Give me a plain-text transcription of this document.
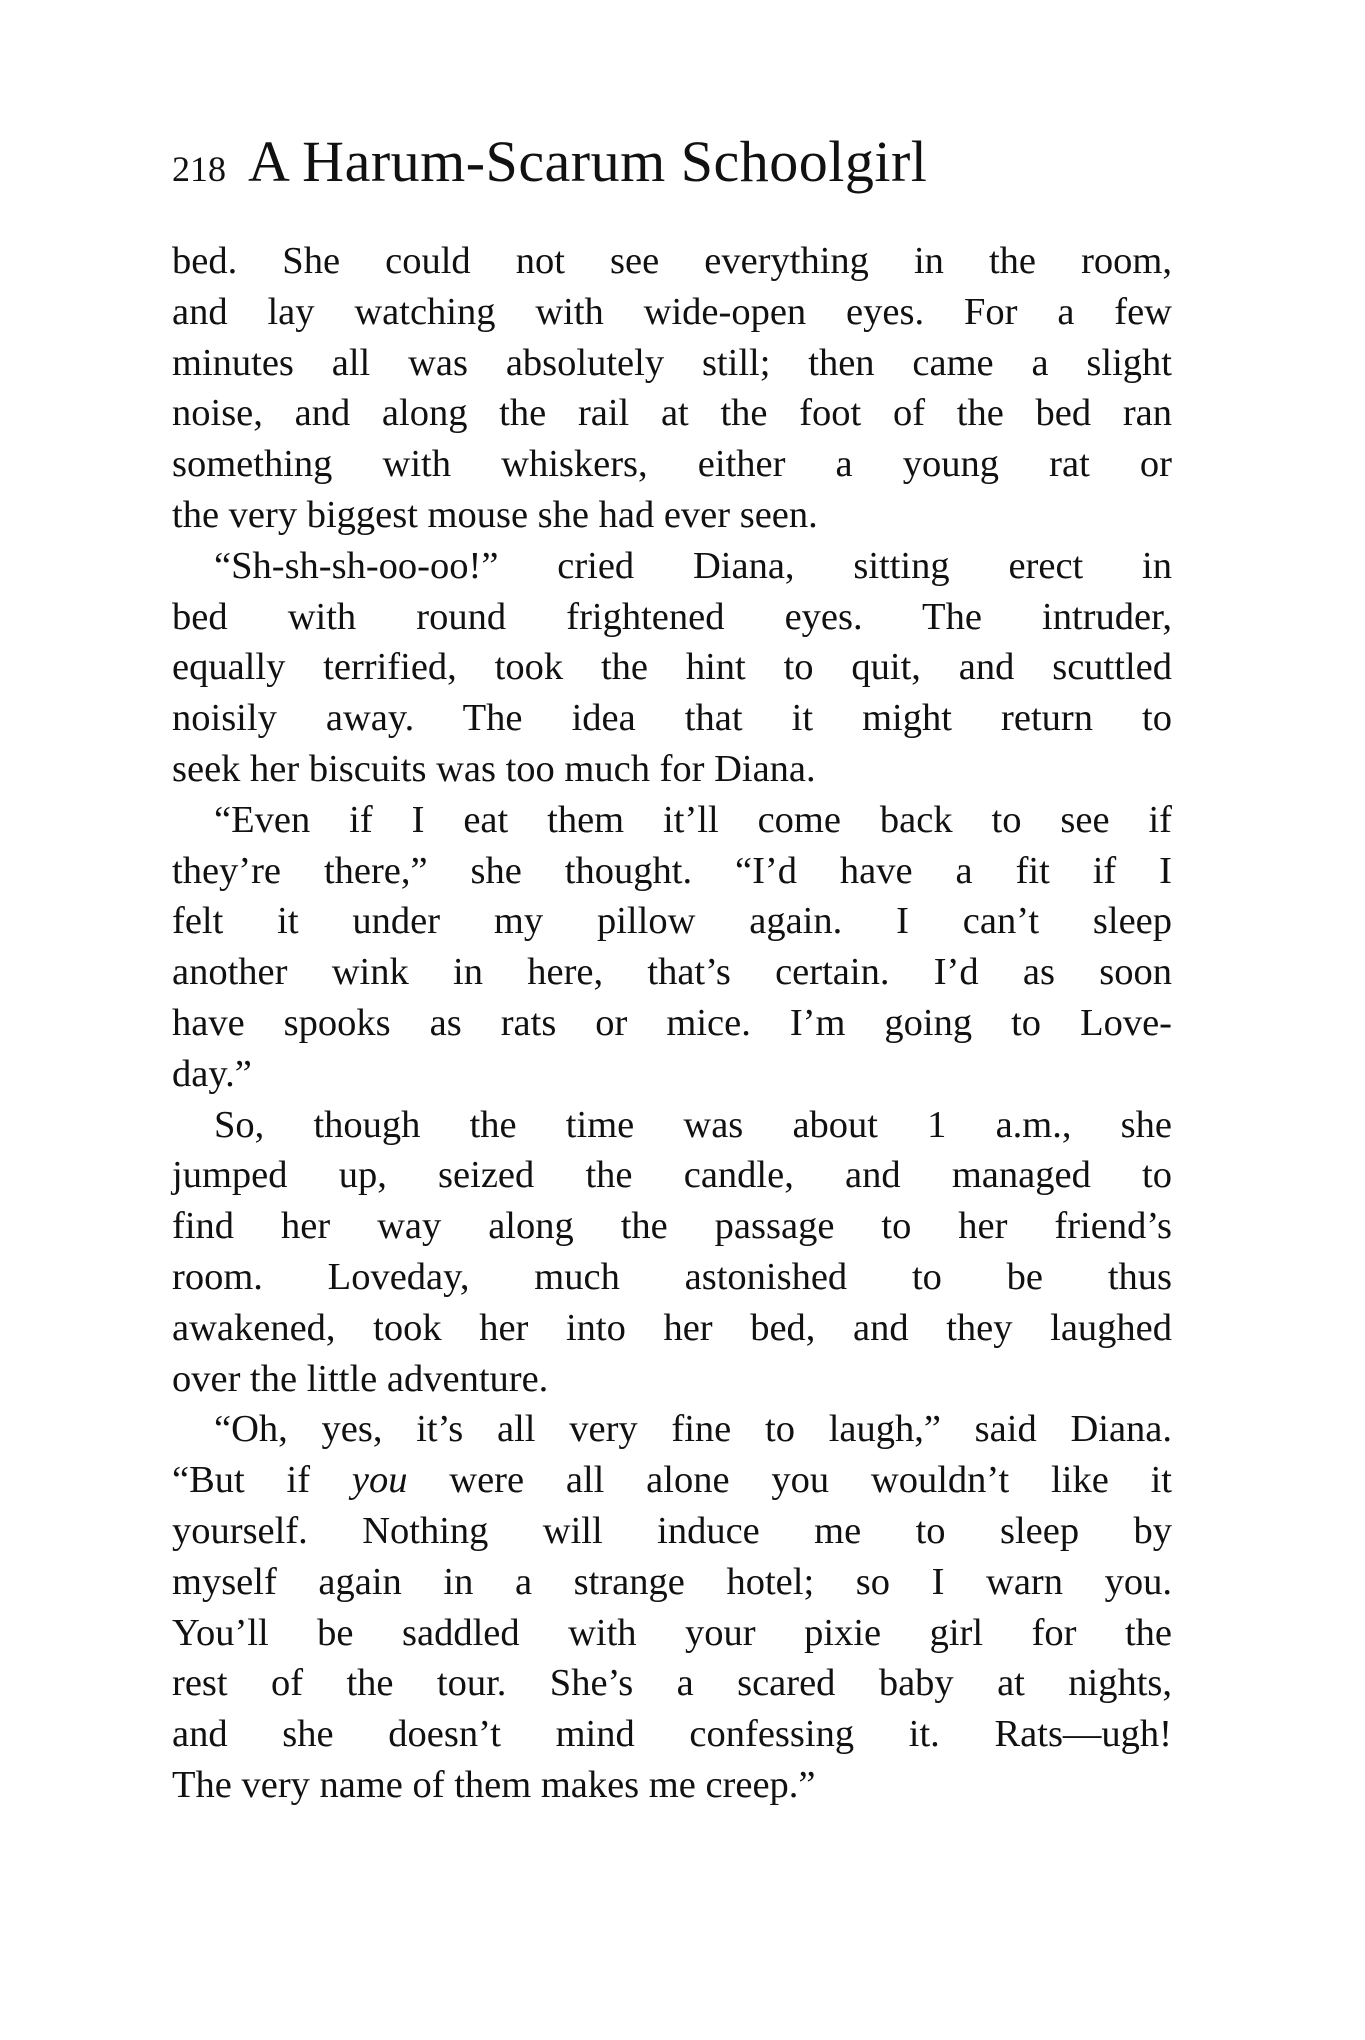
218 A Harum-Scarum Schoolgirl
bed. She could not see everything in the room,
and lay watching with wide-open eyes. For a few
minutes all was absolutely still; then came a slight
noise, and along the rail at the foot of the bed ran
something with whiskers, either a young rat or
the very biggest mouse she had ever seen.
“Sh-sh-sh-oo-oo!” cried Diana, sitting erect in
bed with round frightened eyes. The intruder,
equally terrified, took the hint to quit, and scuttled
noisily away. The idea that it might return to
seek her biscuits was too much for Diana.
“Even if I eat them it’ll come back to see if
they’re there,” she thought. “I’d have a fit if I
felt it under my pillow again. I can’t sleep
another wink in here, that’s certain. I’d as soon
have spooks as rats or mice. I’m going to Love-
day.”
So, though the time was about 1 a.m., she
jumped up, seized the candle, and managed to
find her way along the passage to her friend’s
room. Loveday, much astonished to be thus
awakened, took her into her bed, and they laughed
over the little adventure.
“Oh, yes, it’s all very fine to laugh,” said Diana.
“But if you were all alone you wouldn’t like it
yourself. Nothing will induce me to sleep by
myself again in a strange hotel; so I warn you.
You’ll be saddled with your pixie girl for the
rest of the tour. She’s a scared baby at nights,
and she doesn’t mind confessing it. Rats—ugh!
The very name of them makes me creep.”
